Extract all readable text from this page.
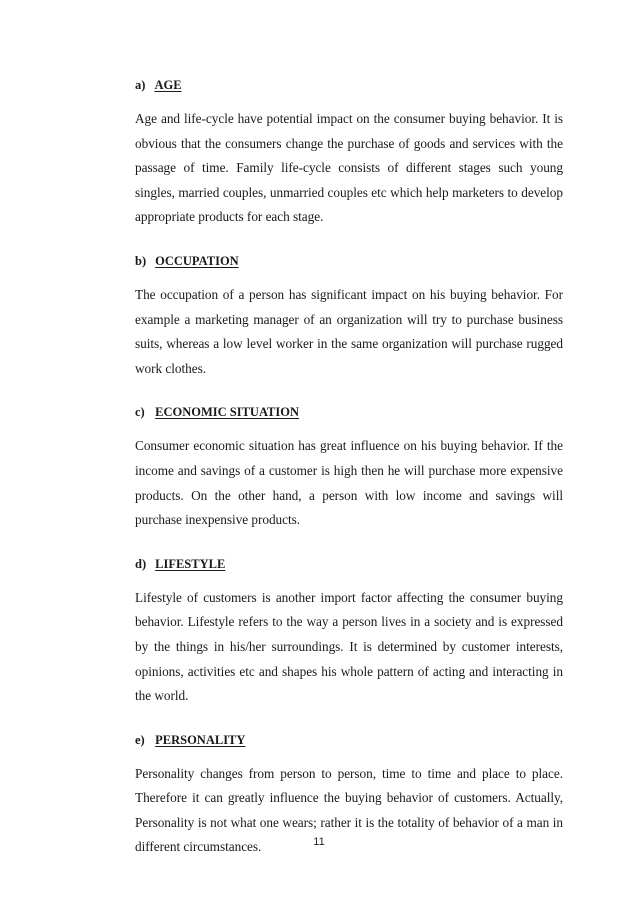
a) AGE

Age and life-cycle have potential impact on the consumer buying behavior. It is obvious that the consumers change the purchase of goods and services with the passage of time. Family life-cycle consists of different stages such young singles, married couples, unmarried couples etc which help marketers to develop appropriate products for each stage.

b) OCCUPATION

The occupation of a person has significant impact on his buying behavior. For example a marketing manager of an organization will try to purchase business suits, whereas a low level worker in the same organization will purchase rugged work clothes.

c) ECONOMIC SITUATION

Consumer economic situation has great influence on his buying behavior. If the income and savings of a customer is high then he will purchase more expensive products. On the other hand, a person with low income and savings will purchase inexpensive products.

d) LIFESTYLE

Lifestyle of customers is another import factor affecting the consumer buying behavior. Lifestyle refers to the way a person lives in a society and is expressed by the things in his/her surroundings. It is determined by customer interests, opinions, activities etc and shapes his whole pattern of acting and interacting in the world.

e) PERSONALITY

Personality changes from person to person, time to time and place to place. Therefore it can greatly influence the buying behavior of customers. Actually, Personality is not what one wears; rather it is the totality of behavior of a man in different circumstances.	11
